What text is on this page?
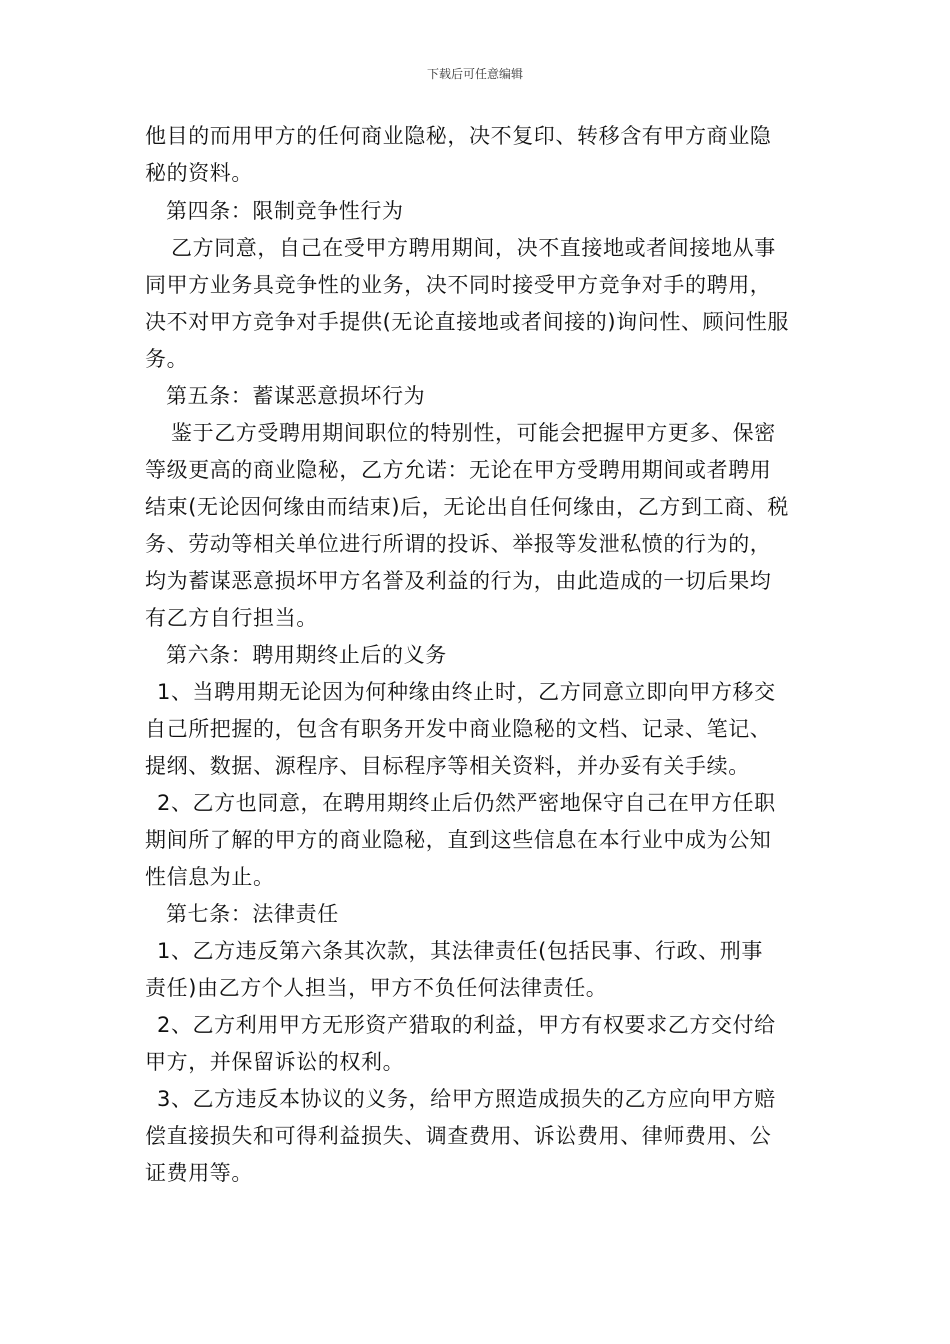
下载后可任意编辑
他目的而用甲方的任何商业隐秘，决不复印、转移含有甲方商业隐
秘的资料。
第四条：限制竞争性行为
乙方同意，自己在受甲方聘用期间，决不直接地或者间接地从事
同甲方业务具竞争性的业务，决不同时接受甲方竞争对手的聘用，
决不对甲方竞争对手提供(无论直接地或者间接的)询问性、顾问性服
务。
第五条：蓄谋恶意损坏行为
鉴于乙方受聘用期间职位的特别性，可能会把握甲方更多、保密
等级更高的商业隐秘，乙方允诺：无论在甲方受聘用期间或者聘用
结束(无论因何缘由而结束)后，无论出自任何缘由，乙方到工商、税
务、劳动等相关单位进行所谓的投诉、举报等发泄私愤的行为的，
均为蓄谋恶意损坏甲方名誉及利益的行为，由此造成的一切后果均
有乙方自行担当。
第六条：聘用期终止后的义务
1、当聘用期无论因为何种缘由终止时，乙方同意立即向甲方移交
自己所把握的，包含有职务开发中商业隐秘的文档、记录、笔记、
提纲、数据、源程序、目标程序等相关资料，并办妥有关手续。
2、乙方也同意，在聘用期终止后仍然严密地保守自己在甲方任职
期间所了解的甲方的商业隐秘，直到这些信息在本行业中成为公知
性信息为止。
第七条：法律责任
1、乙方违反第六条其次款，其法律责任(包括民事、行政、刑事
责任)由乙方个人担当，甲方不负任何法律责任。
2、乙方利用甲方无形资产猎取的利益，甲方有权要求乙方交付给
甲方，并保留诉讼的权利。
3、乙方违反本协议的义务，给甲方照造成损失的乙方应向甲方赔
偿直接损失和可得利益损失、调查费用、诉讼费用、律师费用、公
证费用等。
